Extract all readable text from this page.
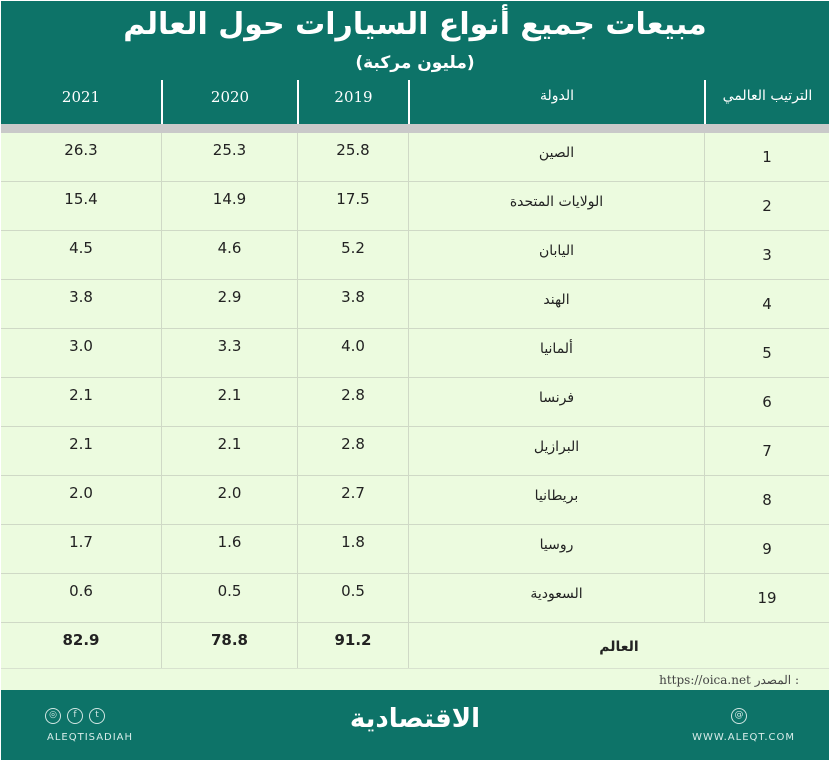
مبيعات جميع أنواع السيارات حول العالم
(مليون مركبة)
2021	2020	2019	الدولة	الترتيب العالمي
26.3	25.3	25.8	الصين	1
15.4	14.9	17.5	الولايات المتحدة	2
4.5	4.6	5.2	اليابان	3
3.8	2.9	3.8	الهند	4
3.0	3.3	4.0	ألمانيا	5
2.1	2.1	2.8	فرنسا	6
2.1	2.1	2.8	البرازيل	7
2.0	2.0	2.7	بريطانيا	8
1.7	1.6	1.8	روسيا	9
0.6	0.5	0.5	السعودية	19
82.9	78.8	91.2	العالم
https://oica.net المصدر :
◎	f	t
ALEQTISADIAH
الاقتصادية	@
WWW.ALEQT.COM
